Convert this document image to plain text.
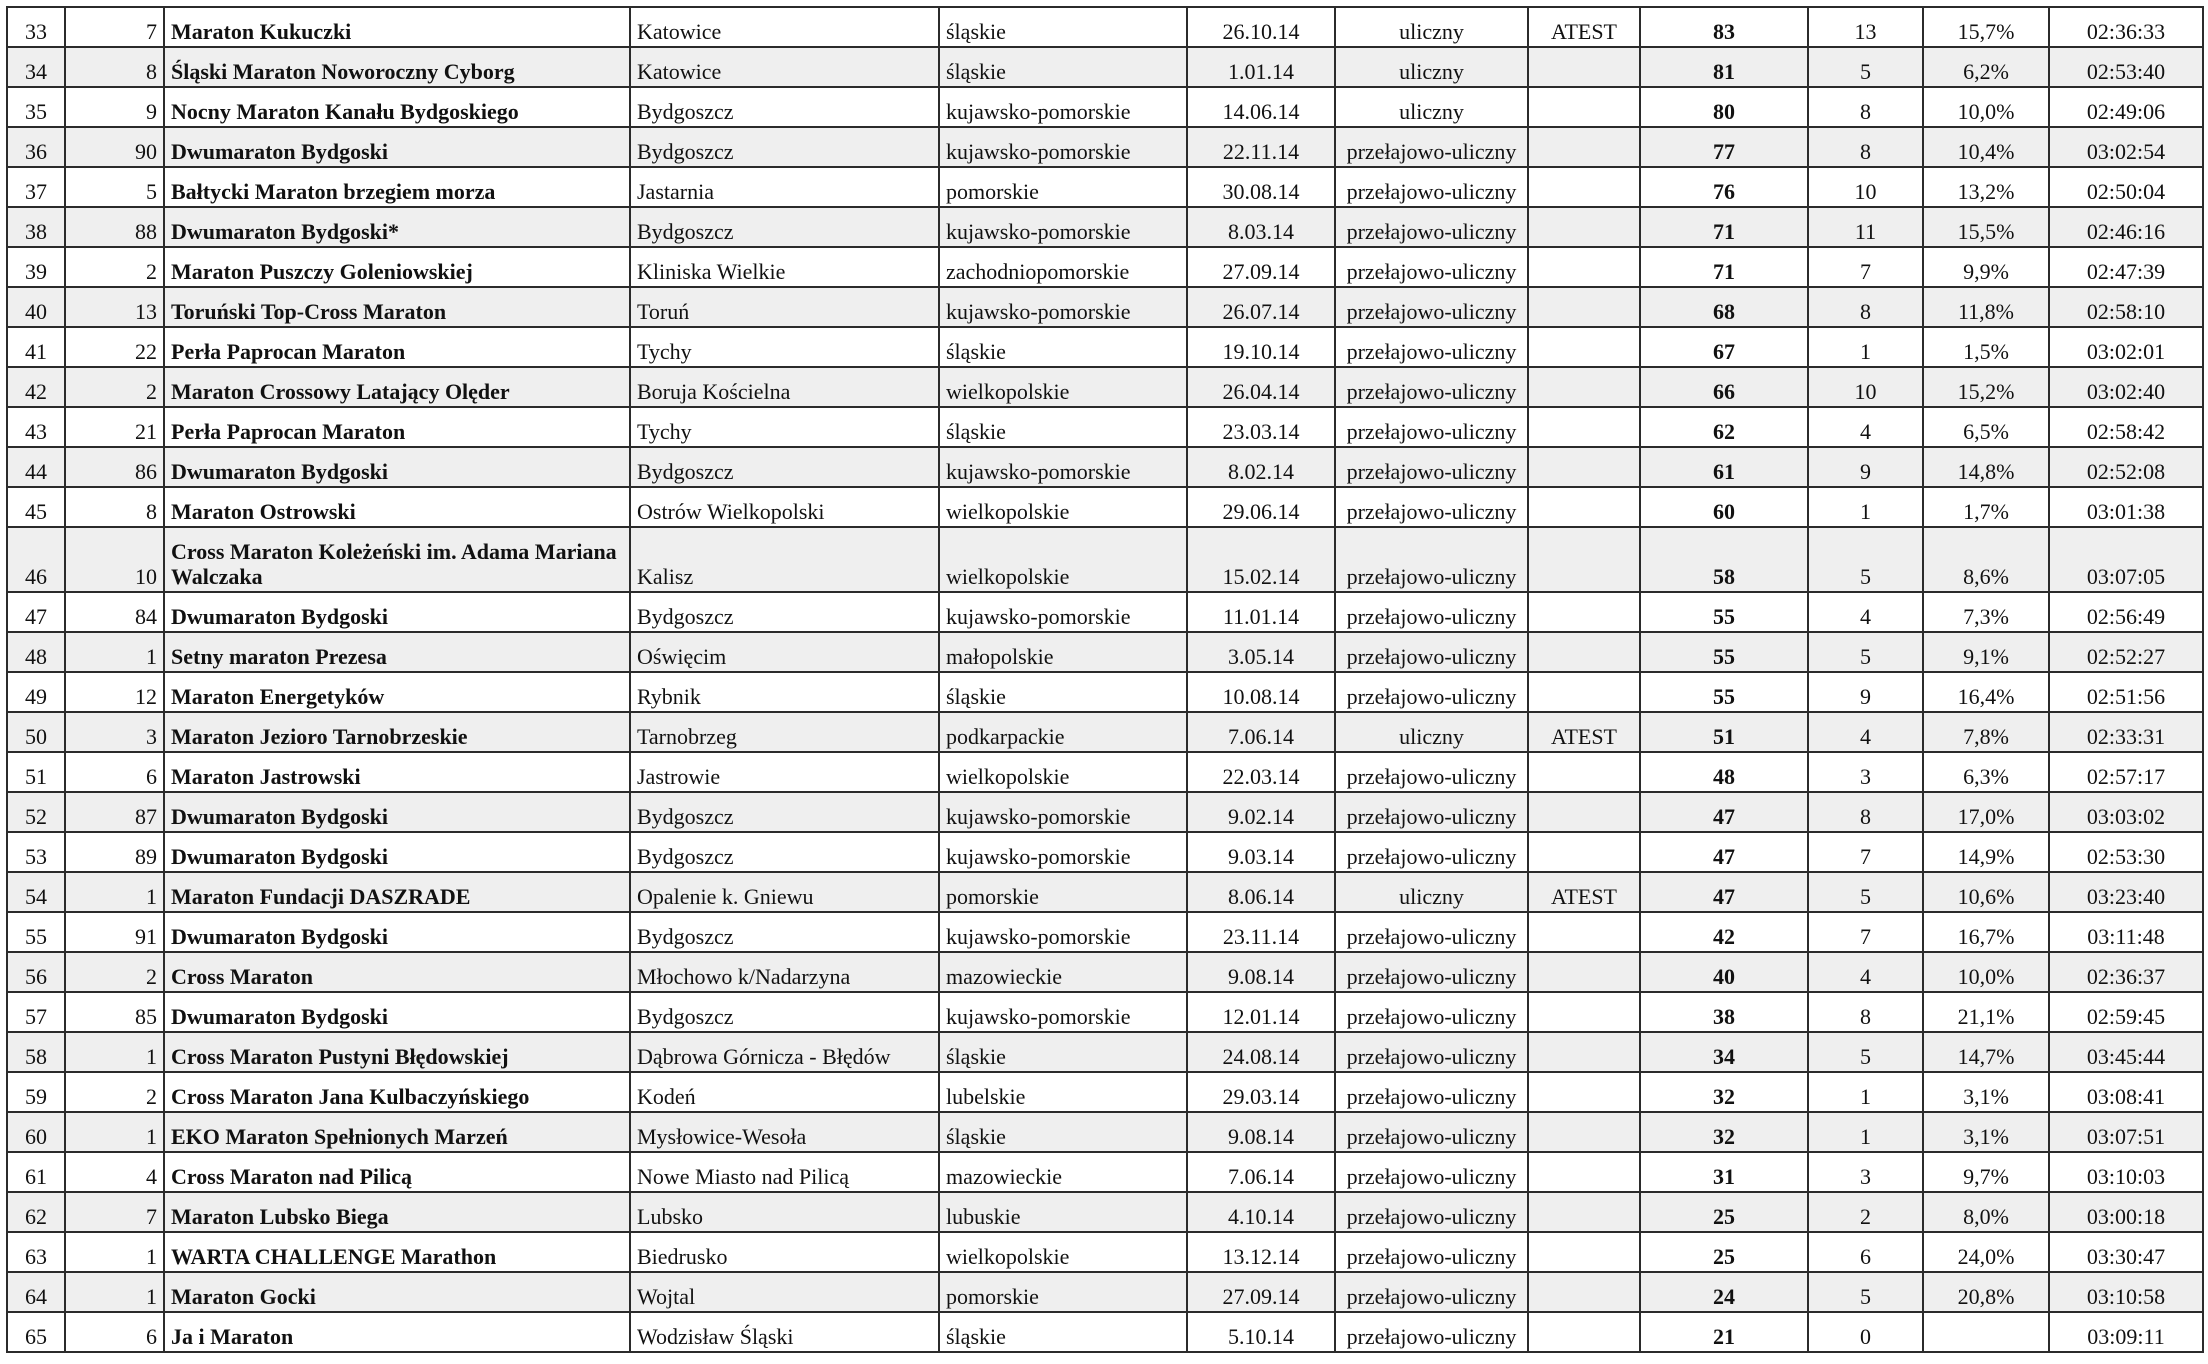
33	7	Maraton Kukuczki	Katowice	śląskie	26.10.14	uliczny	ATEST	83	13	15,7%	02:36:33
34	8	Śląski Maraton Noworoczny Cyborg	Katowice	śląskie	1.01.14	uliczny		81	5	6,2%	02:53:40
35	9	Nocny Maraton Kanału Bydgoskiego	Bydgoszcz	kujawsko-pomorskie	14.06.14	uliczny		80	8	10,0%	02:49:06
36	90	Dwumaraton Bydgoski	Bydgoszcz	kujawsko-pomorskie	22.11.14	przełajowo-uliczny		77	8	10,4%	03:02:54
37	5	Bałtycki Maraton brzegiem morza	Jastarnia	pomorskie	30.08.14	przełajowo-uliczny		76	10	13,2%	02:50:04
38	88	Dwumaraton Bydgoski*	Bydgoszcz	kujawsko-pomorskie	8.03.14	przełajowo-uliczny		71	11	15,5%	02:46:16
39	2	Maraton Puszczy Goleniowskiej	Kliniska Wielkie	zachodniopomorskie	27.09.14	przełajowo-uliczny		71	7	9,9%	02:47:39
40	13	Toruński Top-Cross Maraton	Toruń	kujawsko-pomorskie	26.07.14	przełajowo-uliczny		68	8	11,8%	02:58:10
41	22	Perła Paprocan Maraton	Tychy	śląskie	19.10.14	przełajowo-uliczny		67	1	1,5%	03:02:01
42	2	Maraton Crossowy Latający Olęder	Boruja Kościelna	wielkopolskie	26.04.14	przełajowo-uliczny		66	10	15,2%	03:02:40
43	21	Perła Paprocan Maraton	Tychy	śląskie	23.03.14	przełajowo-uliczny		62	4	6,5%	02:58:42
44	86	Dwumaraton Bydgoski	Bydgoszcz	kujawsko-pomorskie	8.02.14	przełajowo-uliczny		61	9	14,8%	02:52:08
45	8	Maraton Ostrowski	Ostrów Wielkopolski	wielkopolskie	29.06.14	przełajowo-uliczny		60	1	1,7%	03:01:38
46	10	Cross Maraton Koleżeński im. Adama Mariana Walczaka	Kalisz	wielkopolskie	15.02.14	przełajowo-uliczny		58	5	8,6%	03:07:05
47	84	Dwumaraton Bydgoski	Bydgoszcz	kujawsko-pomorskie	11.01.14	przełajowo-uliczny		55	4	7,3%	02:56:49
48	1	Setny maraton Prezesa	Oświęcim	małopolskie	3.05.14	przełajowo-uliczny		55	5	9,1%	02:52:27
49	12	Maraton Energetyków	Rybnik	śląskie	10.08.14	przełajowo-uliczny		55	9	16,4%	02:51:56
50	3	Maraton Jezioro Tarnobrzeskie	Tarnobrzeg	podkarpackie	7.06.14	uliczny	ATEST	51	4	7,8%	02:33:31
51	6	Maraton Jastrowski	Jastrowie	wielkopolskie	22.03.14	przełajowo-uliczny		48	3	6,3%	02:57:17
52	87	Dwumaraton Bydgoski	Bydgoszcz	kujawsko-pomorskie	9.02.14	przełajowo-uliczny		47	8	17,0%	03:03:02
53	89	Dwumaraton Bydgoski	Bydgoszcz	kujawsko-pomorskie	9.03.14	przełajowo-uliczny		47	7	14,9%	02:53:30
54	1	Maraton Fundacji DASZRADE	Opalenie k. Gniewu	pomorskie	8.06.14	uliczny	ATEST	47	5	10,6%	03:23:40
55	91	Dwumaraton Bydgoski	Bydgoszcz	kujawsko-pomorskie	23.11.14	przełajowo-uliczny		42	7	16,7%	03:11:48
56	2	Cross Maraton	Młochowo k/Nadarzyna	mazowieckie	9.08.14	przełajowo-uliczny		40	4	10,0%	02:36:37
57	85	Dwumaraton Bydgoski	Bydgoszcz	kujawsko-pomorskie	12.01.14	przełajowo-uliczny		38	8	21,1%	02:59:45
58	1	Cross Maraton Pustyni Błędowskiej	Dąbrowa Górnicza - Błędów	śląskie	24.08.14	przełajowo-uliczny		34	5	14,7%	03:45:44
59	2	Cross Maraton Jana Kulbaczyńskiego	Kodeń	lubelskie	29.03.14	przełajowo-uliczny		32	1	3,1%	03:08:41
60	1	EKO Maraton Spełnionych Marzeń	Mysłowice-Wesoła	śląskie	9.08.14	przełajowo-uliczny		32	1	3,1%	03:07:51
61	4	Cross Maraton nad Pilicą	Nowe Miasto nad Pilicą	mazowieckie	7.06.14	przełajowo-uliczny		31	3	9,7%	03:10:03
62	7	Maraton Lubsko Biega	Lubsko	lubuskie	4.10.14	przełajowo-uliczny		25	2	8,0%	03:00:18
63	1	WARTA CHALLENGE Marathon	Biedrusko	wielkopolskie	13.12.14	przełajowo-uliczny		25	6	24,0%	03:30:47
64	1	Maraton Gocki	Wojtal	pomorskie	27.09.14	przełajowo-uliczny		24	5	20,8%	03:10:58
65	6	Ja i Maraton	Wodzisław Śląski	śląskie	5.10.14	przełajowo-uliczny		21	0		03:09:11
